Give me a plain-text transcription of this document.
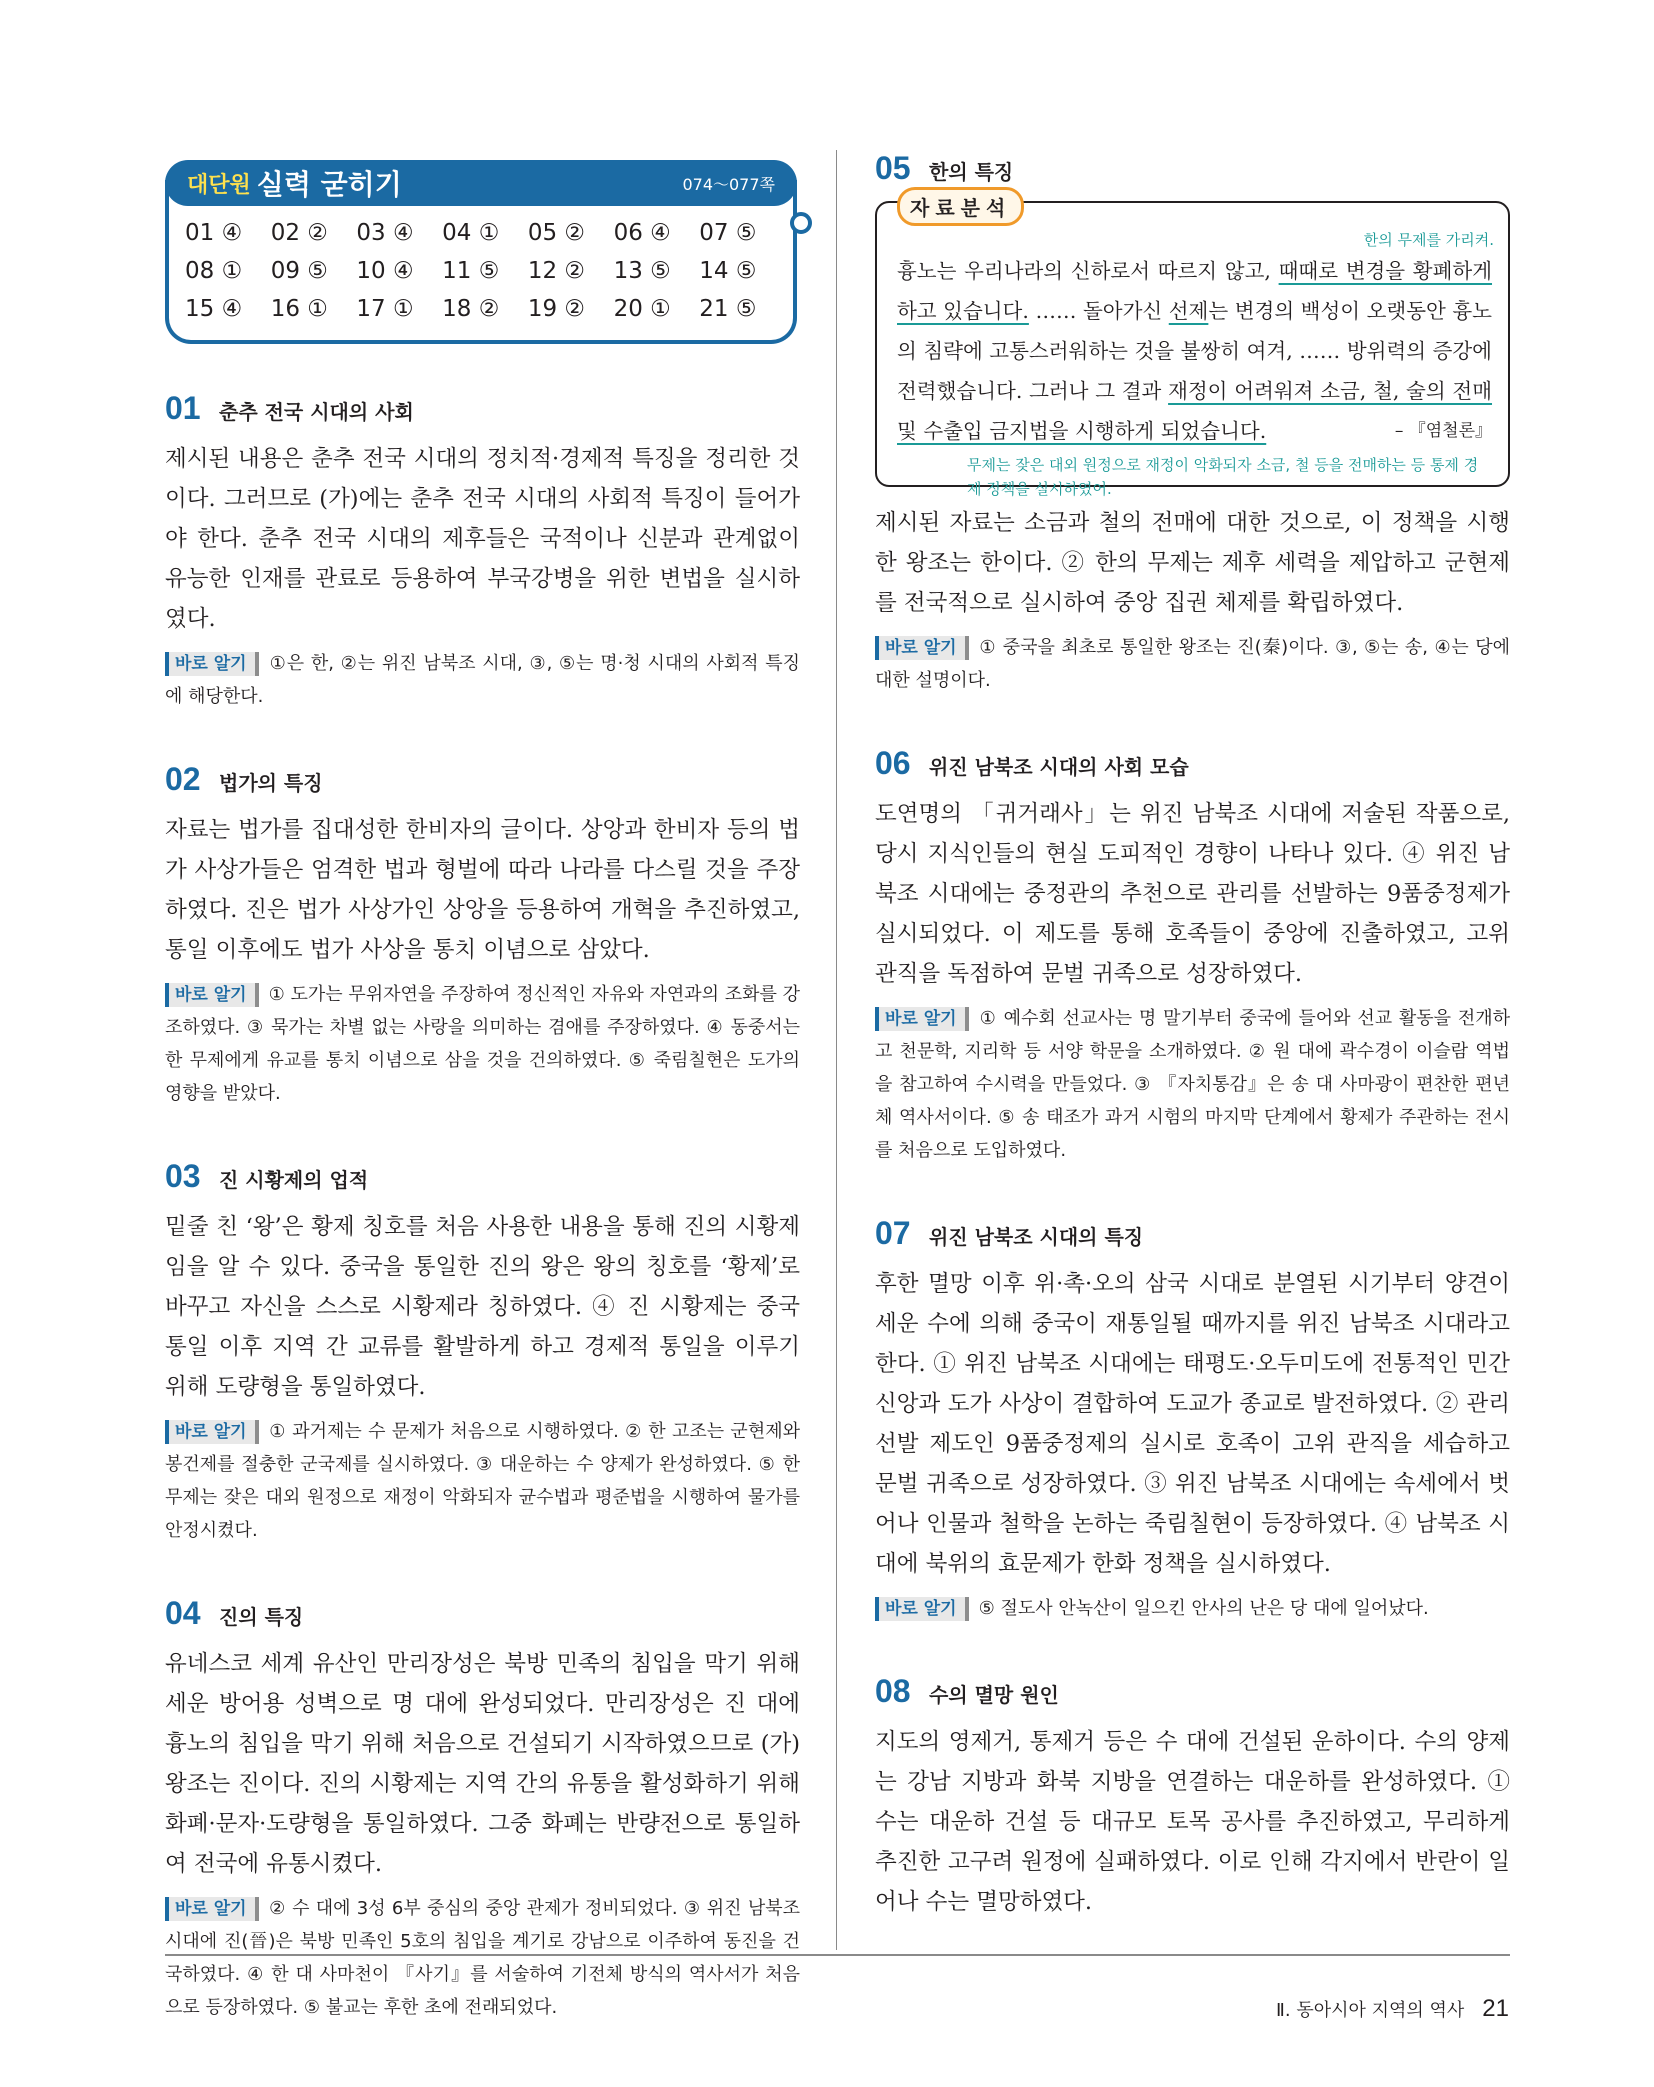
대단원 실력 굳히기	074～077쪽
01 ④	02 ②	03 ④	04 ①	05 ②	06 ④	07 ⑤
08 ①	09 ⑤	10 ④	11 ⑤	12 ②	13 ⑤	14 ⑤
15 ④	16 ①	17 ①	18 ②	19 ②	20 ①	21 ⑤
01 춘추 전국 시대의 사회

제시된 내용은 춘추 전국 시대의 정치적·경제적 특징을 정리한 것이다. 그러므로 (가)에는 춘추 전국 시대의 사회적 특징이 들어가야 한다. 춘추 전국 시대의 제후들은 국적이나 신분과 관계없이 유능한 인재를 관료로 등용하여 부국강병을 위한 변법을 실시하였다.

바로 알기 ①은 한, ②는 위진 남북조 시대, ③, ⑤는 명·청 시대의 사회적 특징에 해당한다.
02 법가의 특징

자료는 법가를 집대성한 한비자의 글이다. 상앙과 한비자 등의 법가 사상가들은 엄격한 법과 형벌에 따라 나라를 다스릴 것을 주장하였다. 진은 법가 사상가인 상앙을 등용하여 개혁을 추진하였고, 통일 이후에도 법가 사상을 통치 이념으로 삼았다.

바로 알기 ① 도가는 무위자연을 주장하여 정신적인 자유와 자연과의 조화를 강조하였다. ③ 묵가는 차별 없는 사랑을 의미하는 겸애를 주장하였다. ④ 동중서는 한 무제에게 유교를 통치 이념으로 삼을 것을 건의하였다. ⑤ 죽림칠현은 도가의 영향을 받았다.
03 진 시황제의 업적

밑줄 친 ‘왕’은 황제 칭호를 처음 사용한 내용을 통해 진의 시황제임을 알 수 있다. 중국을 통일한 진의 왕은 왕의 칭호를 ‘황제’로 바꾸고 자신을 스스로 시황제라 칭하였다. ④ 진 시황제는 중국 통일 이후 지역 간 교류를 활발하게 하고 경제적 통일을 이루기 위해 도량형을 통일하였다.

바로 알기 ① 과거제는 수 문제가 처음으로 시행하였다. ② 한 고조는 군현제와 봉건제를 절충한 군국제를 실시하였다. ③ 대운하는 수 양제가 완성하였다. ⑤ 한 무제는 잦은 대외 원정으로 재정이 악화되자 균수법과 평준법을 시행하여 물가를 안정시켰다.
04 진의 특징

유네스코 세계 유산인 만리장성은 북방 민족의 침입을 막기 위해 세운 방어용 성벽으로 명 대에 완성되었다. 만리장성은 진 대에 흉노의 침입을 막기 위해 처음으로 건설되기 시작하였으므로 (가) 왕조는 진이다. 진의 시황제는 지역 간의 유통을 활성화하기 위해 화폐·문자·도량형을 통일하였다. 그중 화폐는 반량전으로 통일하여 전국에 유통시켰다.

바로 알기 ② 수 대에 3성 6부 중심의 중앙 관제가 정비되었다. ③ 위진 남북조 시대에 진(晉)은 북방 민족인 5호의 침입을 계기로 강남으로 이주하여 동진을 건국하였다. ④ 한 대 사마천이 『사기』를 서술하여 기전체 방식의 역사서가 처음으로 등장하였다. ⑤ 불교는 후한 초에 전래되었다.
05 한의 특징
자료분석
한의 무제를 가리켜.
흉노는 우리나라의 신하로서 따르지 않고, 때때로 변경을 황폐하게 하고 있습니다. …… 돌아가신 선제는 변경의 백성이 오랫동안 흉노의 침략에 고통스러워하는 것을 불쌍히 여겨, …… 방위력의 증강에 전력했습니다. 그러나 그 결과 재정이 어려워져 소금, 철, 술의 전매 및 수출입 금지법을 시행하게 되었습니다.	– 『염철론』
무제는 잦은 대외 원정으로 재정이 악화되자 소금, 철 등을 전매하는 등 통제 경제 정책을 실시하였어.

제시된 자료는 소금과 철의 전매에 대한 것으로, 이 정책을 시행한 왕조는 한이다. ② 한의 무제는 제후 세력을 제압하고 군현제를 전국적으로 실시하여 중앙 집권 체제를 확립하였다.

바로 알기 ① 중국을 최초로 통일한 왕조는 진(秦)이다. ③, ⑤는 송, ④는 당에 대한 설명이다.
06 위진 남북조 시대의 사회 모습

도연명의 「귀거래사」는 위진 남북조 시대에 저술된 작품으로, 당시 지식인들의 현실 도피적인 경향이 나타나 있다. ④ 위진 남북조 시대에는 중정관의 추천으로 관리를 선발하는 9품중정제가 실시되었다. 이 제도를 통해 호족들이 중앙에 진출하였고, 고위 관직을 독점하여 문벌 귀족으로 성장하였다.

바로 알기 ① 예수회 선교사는 명 말기부터 중국에 들어와 선교 활동을 전개하고 천문학, 지리학 등 서양 학문을 소개하였다. ② 원 대에 곽수경이 이슬람 역법을 참고하여 수시력을 만들었다. ③ 『자치통감』은 송 대 사마광이 편찬한 편년체 역사서이다. ⑤ 송 태조가 과거 시험의 마지막 단계에서 황제가 주관하는 전시를 처음으로 도입하였다.
07 위진 남북조 시대의 특징

후한 멸망 이후 위·촉·오의 삼국 시대로 분열된 시기부터 양견이 세운 수에 의해 중국이 재통일될 때까지를 위진 남북조 시대라고 한다. ① 위진 남북조 시대에는 태평도·오두미도에 전통적인 민간 신앙과 도가 사상이 결합하여 도교가 종교로 발전하였다. ② 관리 선발 제도인 9품중정제의 실시로 호족이 고위 관직을 세습하고 문벌 귀족으로 성장하였다. ③ 위진 남북조 시대에는 속세에서 벗어나 인물과 철학을 논하는 죽림칠현이 등장하였다. ④ 남북조 시대에 북위의 효문제가 한화 정책을 실시하였다.

바로 알기 ⑤ 절도사 안녹산이 일으킨 안사의 난은 당 대에 일어났다.
08 수의 멸망 원인

지도의 영제거, 통제거 등은 수 대에 건설된 운하이다. 수의 양제는 강남 지방과 화북 지방을 연결하는 대운하를 완성하였다. ① 수는 대운하 건설 등 대규모 토목 공사를 추진하였고, 무리하게 추진한 고구려 원정에 실패하였다. 이로 인해 각지에서 반란이 일어나 수는 멸망하였다.

Ⅱ. 동아시아 지역의 역사 21
